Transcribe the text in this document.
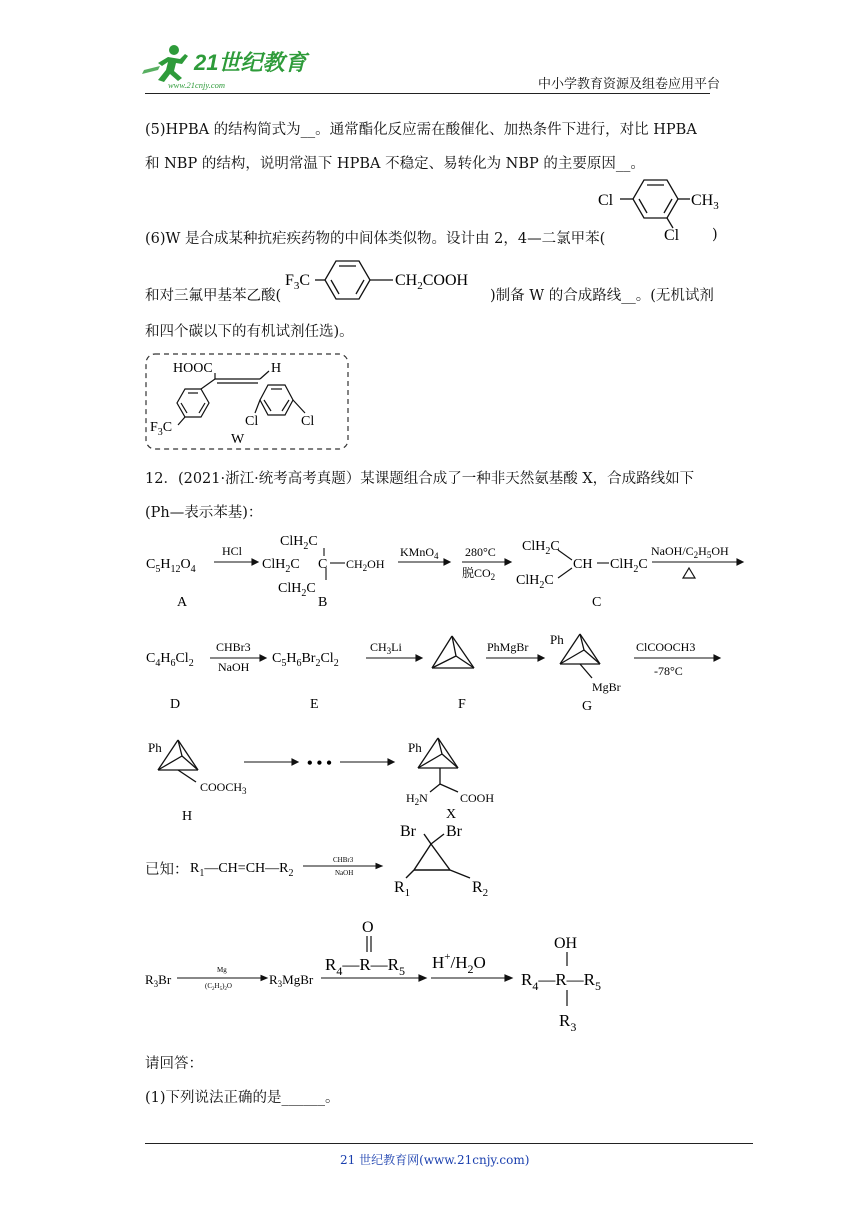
21世纪教育
www.21cnjy.com	中小学教育资源及组卷应用平台
(5)HPBA 的结构简式为__。通常酯化反应需在酸催化、加热条件下进行，对比 HPBA
和 NBP 的结构，说明常温下 HPBA 不稳定、易转化为 NBP 的主要原因__。
(6)W 是合成某种抗疟疾药物的中间体类似物。设计由 2，4—二氯甲苯(
Cl	$CH_3$
Cl )
和对三氟甲基苯乙酸(
$F_3C$	$CH_2COOH$
)制备 W 的合成路线__。(无机试剂
和四个碳以下的有机试剂任选)。
HOOC	H
$F_3C$	Cl	Cl
W
12．(2021·浙江·统考高考真题）某课题组合成了一种非天然氨基酸 X，合成路线如下
(Ph—表示苯基)：
$C_5H_{12}O_4$
A
HCl
ClH$_2$C
ClH$_2$C
ClH$_2$C
C $CH_2OH$
B
KMnO$_4$ 280°C
脱$CO_2$
ClH$_2$C
ClH$_2$C
CH ClH$_2$C
C
NaOH/$C_2H_5OH$
$C_4H_6Cl_2$
D
CHBr3
NaOH
$C_5H_6Br_2Cl_2$
E
$CH_3Li$
F
PhMgBr Ph
MgBr
G
ClCOOCH3
-78°C
Ph
$COOCH_3$
H
• • •
Ph
$H_2N$	COOH
X
已知： $R_1—CH=CH—R_2$
CHBr3
NaOH
Br Br
$R_1$	$R_2$
$R_3Br$
Mg
$(C_2H_5)_2O$	$R_3MgBr$
$R_4—R—R_5$
O
$H^+/H_2O$
$R_4—R—R_5$
OH
$R_3$
请回答：
(1)下列说法正确的是______。
21 世纪教育网(www.21cnjy.com)
